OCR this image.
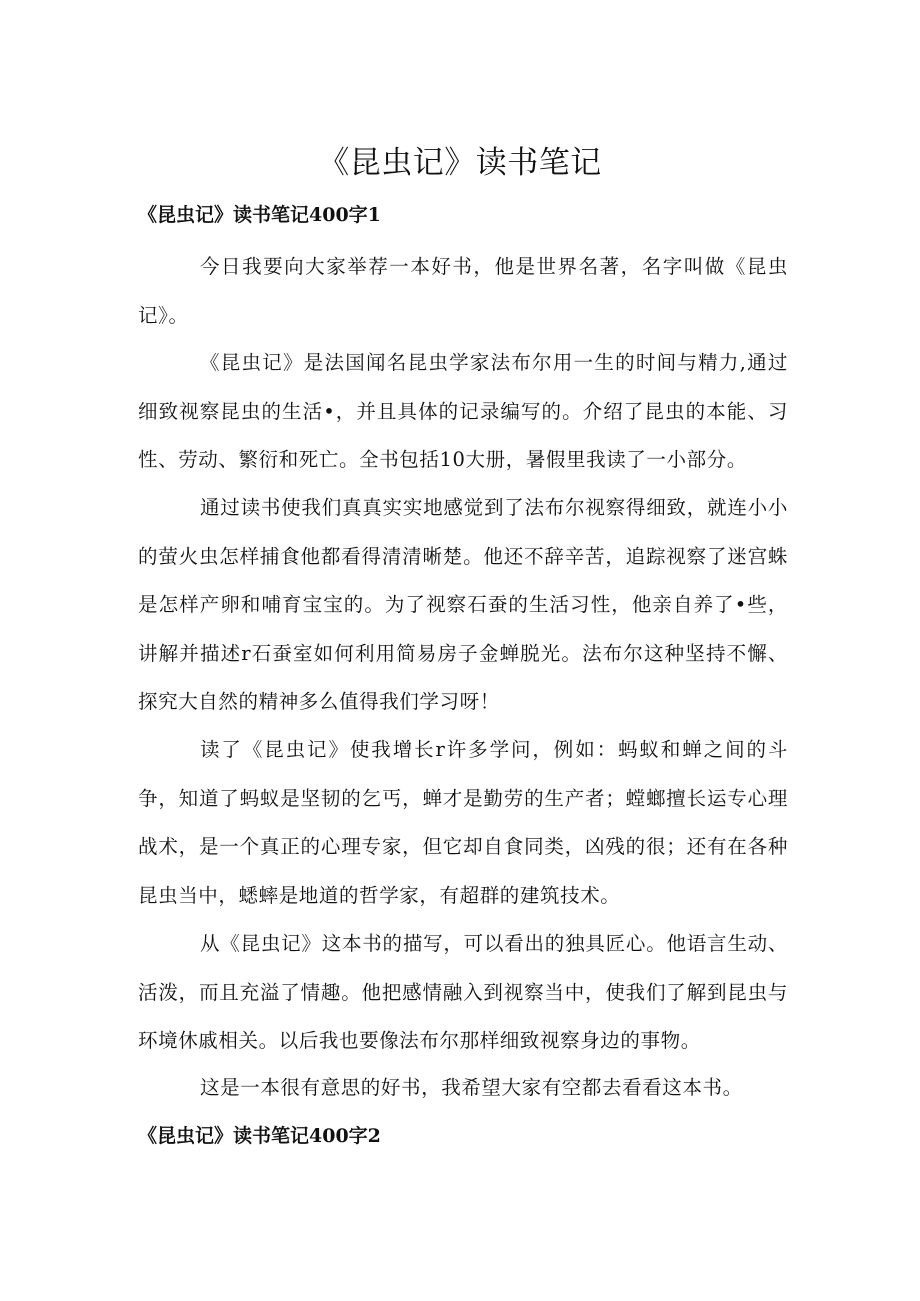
《昆虫记》读书笔记
《昆虫记》读书笔记400字1

今日我要向大家举荐一本好书，他是世界名著，名字叫做《昆虫记》。

《昆虫记》是法国闻名昆虫学家法布尔用一生的时间与精力,通过细致视察昆虫的生活•，并且具体的记录编写的。介绍了昆虫的本能、习性、劳动、繁衍和死亡。全书包括10大册，暑假里我读了一小部分。

通过读书使我们真真实实地感觉到了法布尔视察得细致，就连小小的萤火虫怎样捕食他都看得清清晰楚。他还不辞辛苦，追踪视察了迷宫蛛是怎样产卵和哺育宝宝的。为了视察石蚕的生活习性，他亲自养了•些，讲解并描述r石蚕室如何利用简易房子金蝉脱光。法布尔这种坚持不懈、探究大自然的精神多么值得我们学习呀！

读了《昆虫记》使我增长r许多学问，例如：蚂蚁和蝉之间的斗争，知道了蚂蚁是坚韧的乞丐，蝉才是勤劳的生产者；螳螂擅长运专心理战术，是一个真正的心理专家，但它却自食同类，凶残的很；还有在各种昆虫当中，蟋蟀是地道的哲学家，有超群的建筑技术。

从《昆虫记》这本书的描写，可以看出的独具匠心。他语言生动、活泼，而且充溢了情趣。他把感情融入到视察当中，使我们了解到昆虫与环境休戚相关。以后我也要像法布尔那样细致视察身边的事物。

这是一本很有意思的好书，我希望大家有空都去看看这本书。

《昆虫记》读书笔记400字2
